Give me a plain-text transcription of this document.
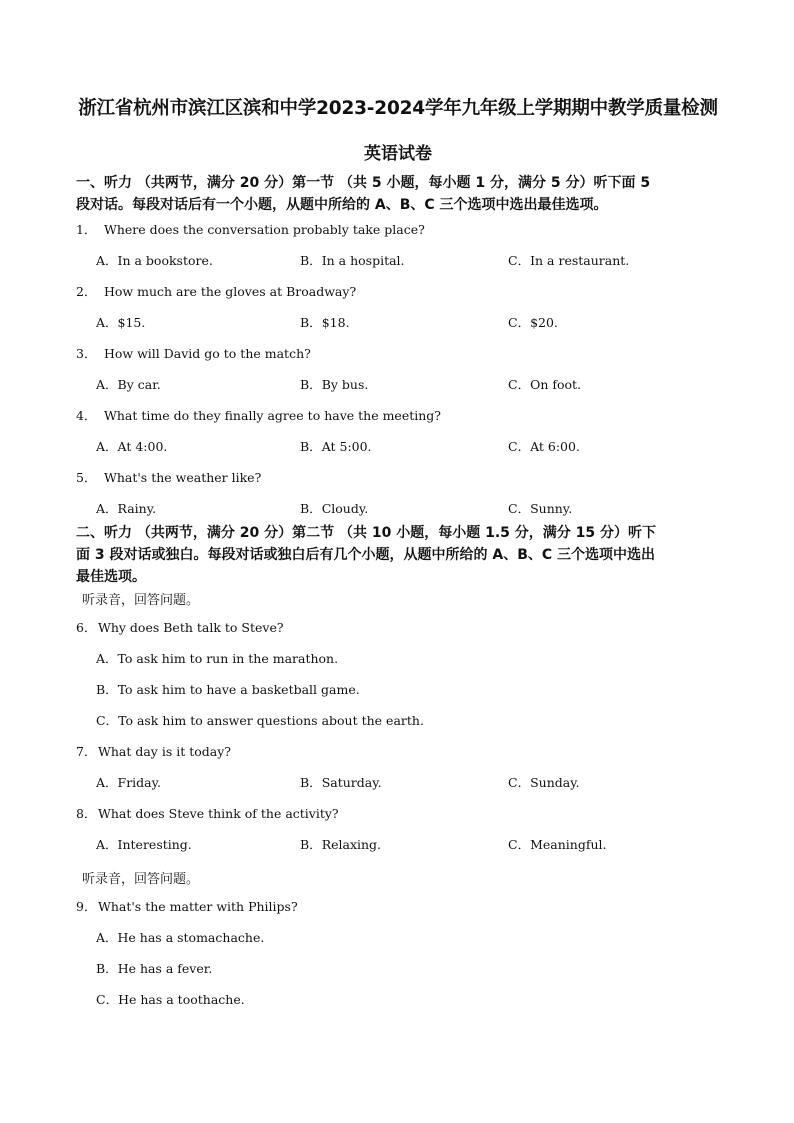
浙江省杭州市滨江区滨和中学2023-2024学年九年级上学期期中教学质量检测
英语试卷
一、听力 （共两节，满分 20 分）第一节 （共 5 小题，每小题 1 分，满分 5 分）听下面 5
段对话。每段对话后有一个小题，从题中所给的 A、B、C 三个选项中选出最佳选项。
1． Where does the conversation probably take place?
A．In a bookstore.	B．In a hospital.	C．In a restaurant.
2． How much are the gloves at Broadway?
A．$15.	B．$18.	C．$20.
3． How will David go to the match?
A．By car.	B．By bus.	C．On foot.
4． What time do they finally agree to have the meeting?
A．At 4:00.	B．At 5:00.	C．At 6:00.
5． What's the weather like?
A．Rainy.	B．Cloudy.	C．Sunny.
二、听力 （共两节，满分 20 分）第二节 （共 10 小题，每小题 1.5 分，满分 15 分）听下
面 3 段对话或独白。每段对话或独白后有几个小题，从题中所给的 A、B、C 三个选项中选出
最佳选项。
听录音，回答问题。
6． Why does Beth talk to Steve?
A．To ask him to run in the marathon.
B．To ask him to have a basketball game.
C．To ask him to answer questions about the earth.
7． What day is it today?
A．Friday.	B．Saturday.	C．Sunday.
8． What does Steve think of the activity?
A．Interesting.	B．Relaxing.	C．Meaningful.
听录音，回答问题。
9． What's the matter with Philips?
A．He has a stomachache.
B．He has a fever.
C．He has a toothache.
